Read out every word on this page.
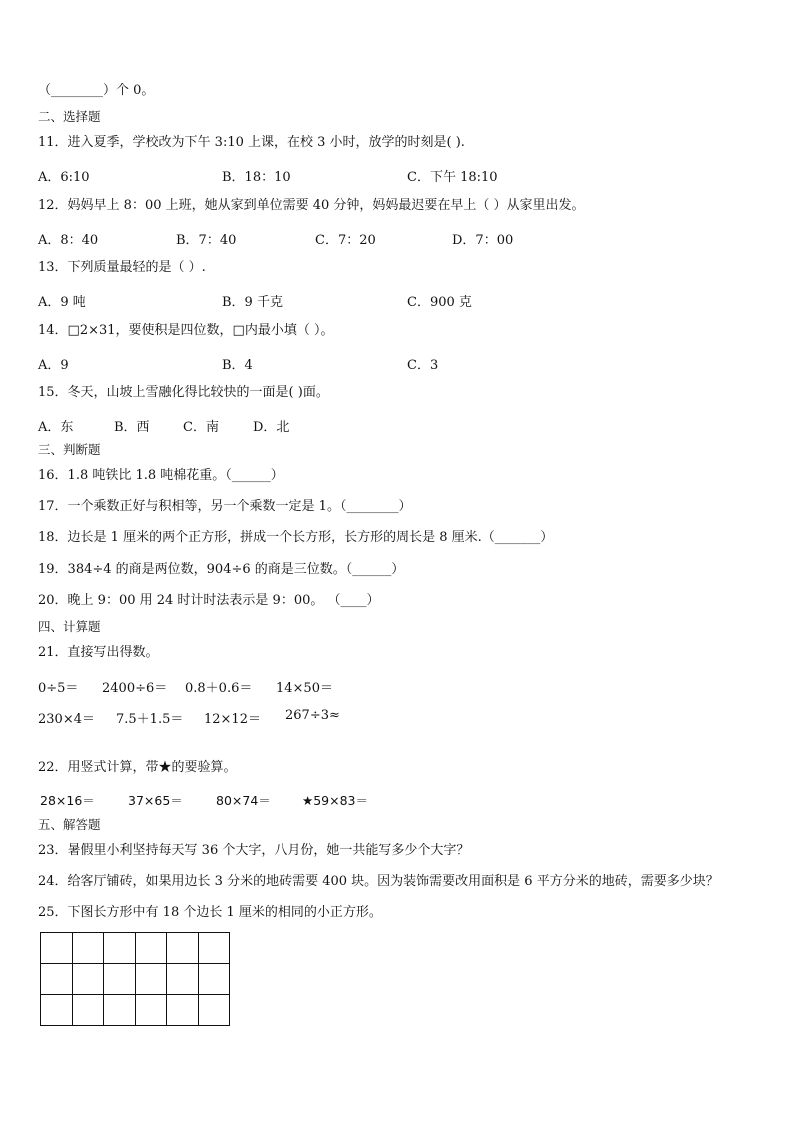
（________）个 0。
二、选择题
11．进入夏季，学校改为下午 3:10 上课，在校 3 小时，放学的时刻是( ).
A．6:10	B．18：10	C．下午 18:10
12．妈妈早上 8：00 上班，她从家到单位需要 40 分钟，妈妈最迟要在早上（ ）从家里出发。
A．8：40	B．7：40	C．7：20	D．7：00
13．下列质量最轻的是（ ）.
A．9 吨	B．9 千克	C．900 克
14．□2×31，要使积是四位数，□内最小填（ ）。
A．9	B．4	C．3
15．冬天，山坡上雪融化得比较快的一面是( )面。
A．东	B．西	C．南	D．北
三、判断题
16．1.8 吨铁比 1.8 吨棉花重。（______）
17．一个乘数正好与积相等，另一个乘数一定是 1。（________）
18．边长是 1 厘米的两个正方形，拼成一个长方形，长方形的周长是 8 厘米.（_______）
19．384÷4 的商是两位数，904÷6 的商是三位数。（______）
20．晚上 9：00 用 24 时计时法表示是 9：00。 （____）
四、计算题
21．直接写出得数。
0÷5＝ 2400÷6＝ 0.8＋0.6＝ 14×50＝
230×4＝ 7.5＋1.5＝ 12×12＝ 267÷3≈
22．用竖式计算，带★的要验算。
28×16＝	37×65＝	80×74＝ ★59×83＝
五、解答题
23．暑假里小利坚持每天写 36 个大字，八月份，她一共能写多少个大字？
24．给客厅铺砖，如果用边长 3 分米的地砖需要 400 块。因为装饰需要改用面积是 6 平方分米的地砖，需要多少块？
25．下图长方形中有 18 个边长 1 厘米的相同的小正方形。
